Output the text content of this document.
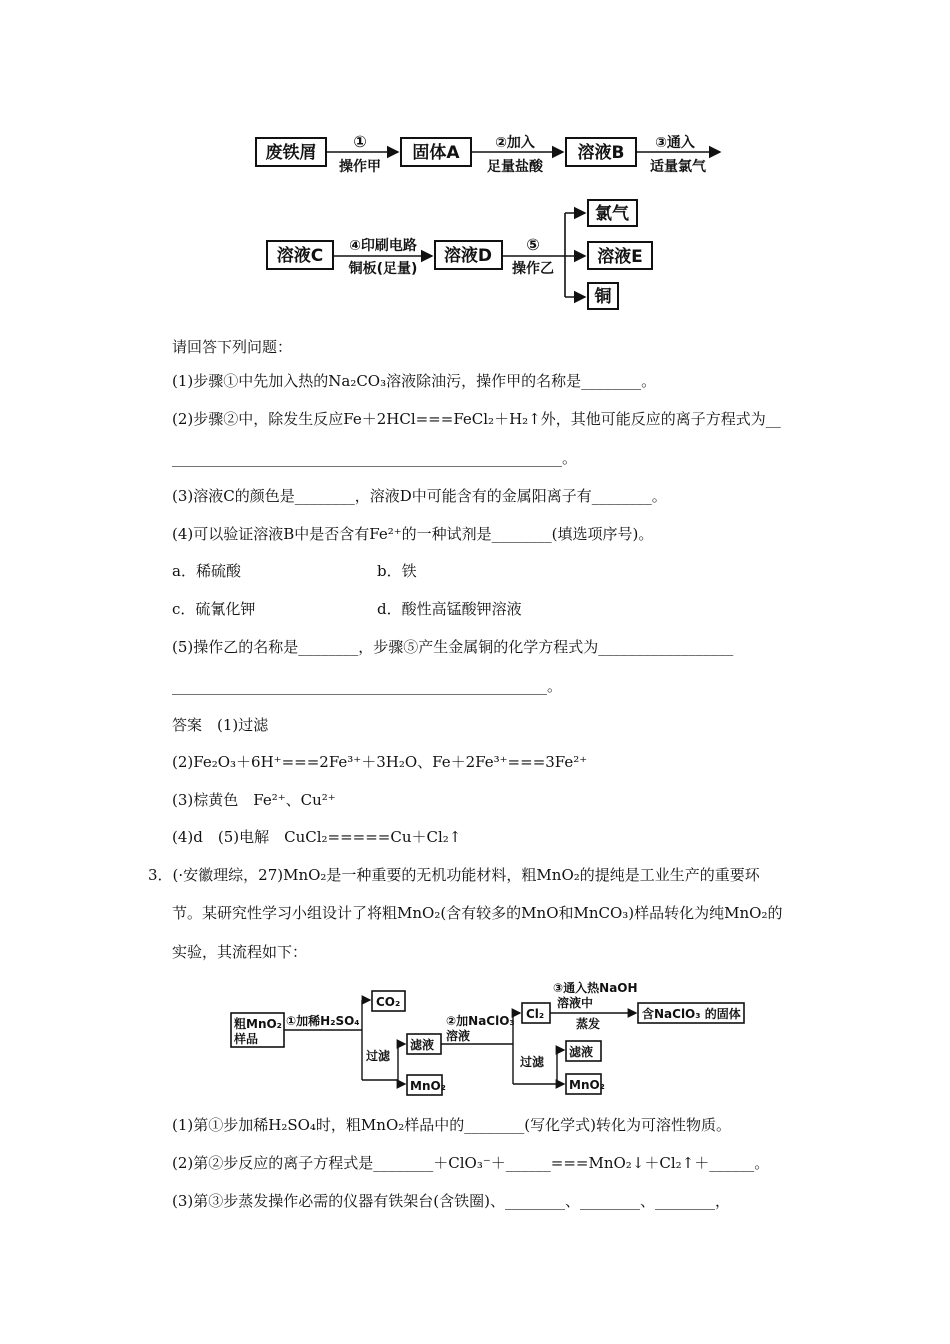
废铁屑
①
操作甲
固体A	②加入
足量盐酸
溶液B ③通入
适量氯气
溶液C ④印刷电路
铜板(足量)
溶液D
⑤
操作乙
氯气
溶液E
铜
请回答下列问题：
(1)步骤①中先加入热的Na₂CO₃溶液除油污，操作甲的名称是________。
(2)步骤②中，除发生反应Fe＋2HCl===FeCl₂＋H₂↑外，其他可能反应的离子方程式为__
____________________________________________________。
(3)溶液C的颜色是________，溶液D中可能含有的金属阳离子有________。
(4)可以验证溶液B中是否含有Fe²⁺的一种试剂是________(填选项序号)。
a．稀硫酸	b．铁
c．硫氰化钾	d．酸性高锰酸钾溶液
(5)操作乙的名称是________，步骤⑤产生金属铜的化学方程式为__________________
__________________________________________________。
答案　(1)过滤
(2)Fe₂O₃＋6H⁺===2Fe³⁺＋3H₂O、Fe＋2Fe³⁺===3Fe²⁺
(3)棕黄色　Fe²⁺、Cu²⁺
(4)d　(5)电解　CuCl₂=====Cu＋Cl₂↑
3．(·安徽理综，27)MnO₂是一种重要的无机功能材料，粗MnO₂的提纯是工业生产的重要环
节。某研究性学习小组设计了将粗MnO₂(含有较多的MnO和MnCO₃)样品转化为纯MnO₂的
实验，其流程如下：
粗MnO₂
样品
①加稀H₂SO₄
CO₂
过滤
滤液
MnO₂
②加NaClO₃
溶液
Cl₂
③通入热NaOH
溶液中
蒸发
含NaClO₃ 的固体
过滤
滤液
MnO₂
(1)第①步加稀H₂SO₄时，粗MnO₂样品中的________(写化学式)转化为可溶性物质。
(2)第②步反应的离子方程式是________＋ClO₃⁻＋______===MnO₂↓＋Cl₂↑＋______。
(3)第③步蒸发操作必需的仪器有铁架台(含铁圈)、________、________、________，
